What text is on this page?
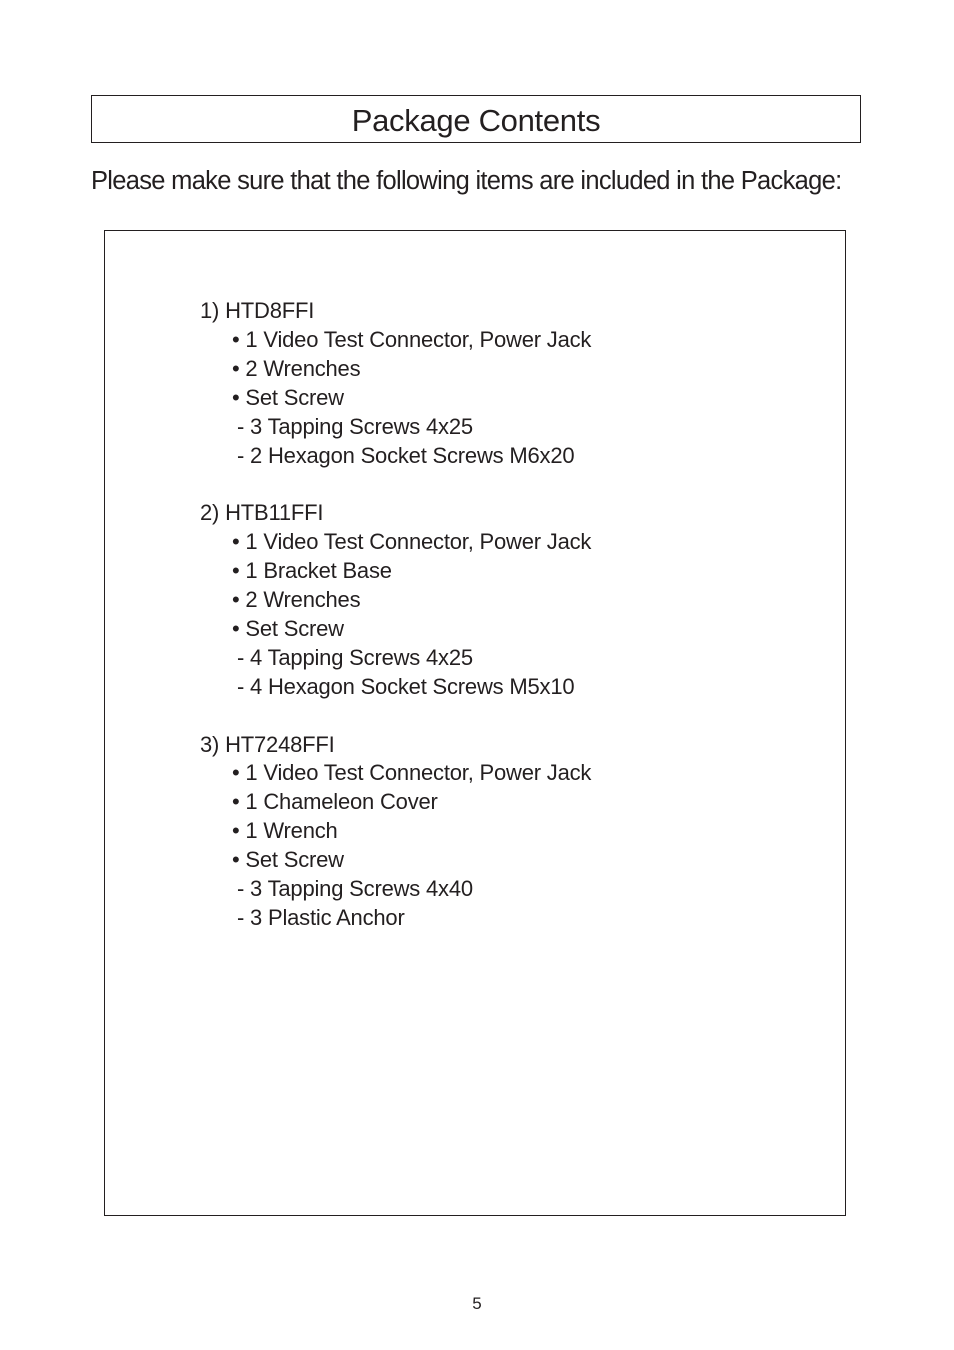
Package Contents
Please make sure that the following items are included in the Package:
1) HTD8FFI
• 1 Video Test Connector, Power Jack
• 2 Wrenches
• Set Screw
- 3 Tapping Screws 4x25
- 2 Hexagon Socket Screws M6x20
2) HTB11FFI
• 1 Video Test Connector, Power Jack
• 1 Bracket Base
• 2 Wrenches
• Set Screw
- 4 Tapping Screws 4x25
- 4 Hexagon Socket Screws M5x10
3) HT7248FFI
• 1 Video Test Connector, Power Jack
• 1 Chameleon Cover
• 1 Wrench
• Set Screw
- 3 Tapping Screws 4x40
- 3 Plastic Anchor
5
